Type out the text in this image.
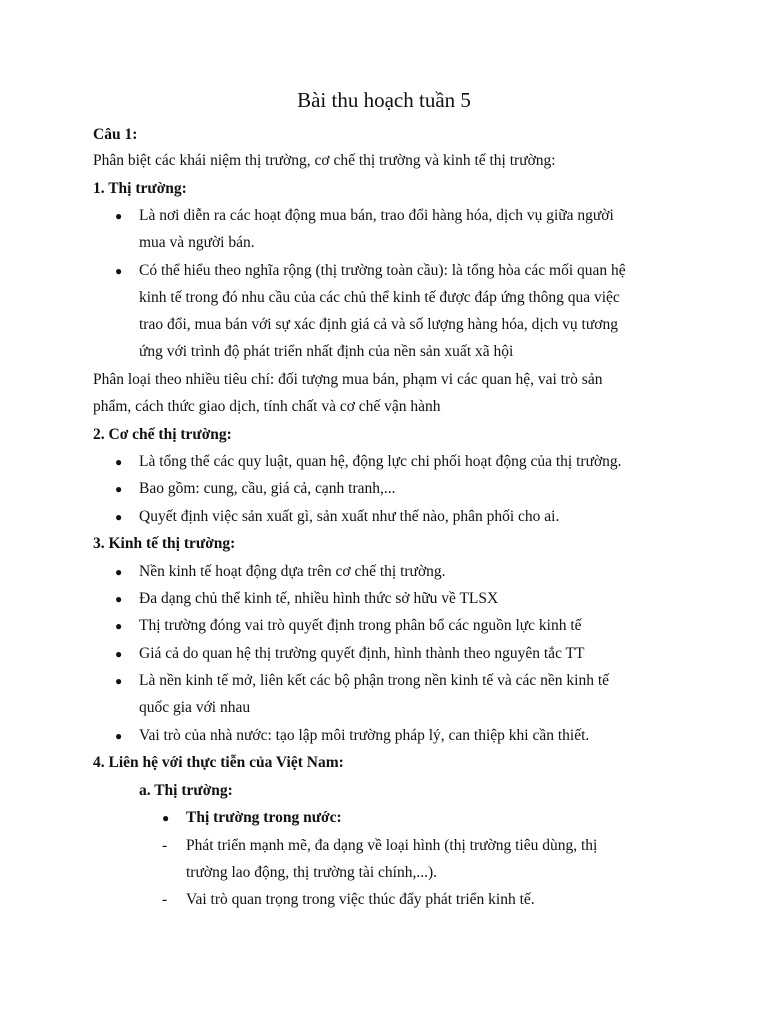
Bài thu hoạch tuần 5
Câu 1:
Phân biệt các khái niệm thị trường, cơ chế thị trường và kinh tế thị trường:
1. Thị trường:
● Là nơi diễn ra các hoạt động mua bán, trao đổi hàng hóa, dịch vụ giữa người
mua và người bán.
● Có thể hiểu theo nghĩa rộng (thị trường toàn cầu): là tổng hòa các mối quan hệ
kinh tế trong đó nhu cầu của các chủ thể kinh tế được đáp ứng thông qua việc
trao đổi, mua bán với sự xác định giá cả và số lượng hàng hóa, dịch vụ tương
ứng với trình độ phát triển nhất định của nền sản xuất xã hội
Phân loại theo nhiều tiêu chí: đối tượng mua bán, phạm vi các quan hệ, vai trò sản
phẩm, cách thức giao dịch, tính chất và cơ chế vận hành
2. Cơ chế thị trường:
● Là tổng thể các quy luật, quan hệ, động lực chi phối hoạt động của thị trường.
● Bao gồm: cung, cầu, giá cả, cạnh tranh,...
● Quyết định việc sản xuất gì, sản xuất như thế nào, phân phối cho ai.
3. Kinh tế thị trường:
● Nền kinh tế hoạt động dựa trên cơ chế thị trường.
● Đa dạng chủ thể kinh tế, nhiều hình thức sở hữu về TLSX
● Thị trường đóng vai trò quyết định trong phân bổ các nguồn lực kinh tế
● Giá cả do quan hệ thị trường quyết định, hình thành theo nguyên tắc TT
● Là nền kinh tế mở, liên kết các bộ phận trong nền kinh tế và các nền kinh tế
quốc gia với nhau
● Vai trò của nhà nước: tạo lập môi trường pháp lý, can thiệp khi cần thiết.
4. Liên hệ với thực tiễn của Việt Nam:
a. Thị trường:
● Thị trường trong nước:
- Phát triển mạnh mẽ, đa dạng về loại hình (thị trường tiêu dùng, thị
trường lao động, thị trường tài chính,...).
- Vai trò quan trọng trong việc thúc đẩy phát triển kinh tế.
